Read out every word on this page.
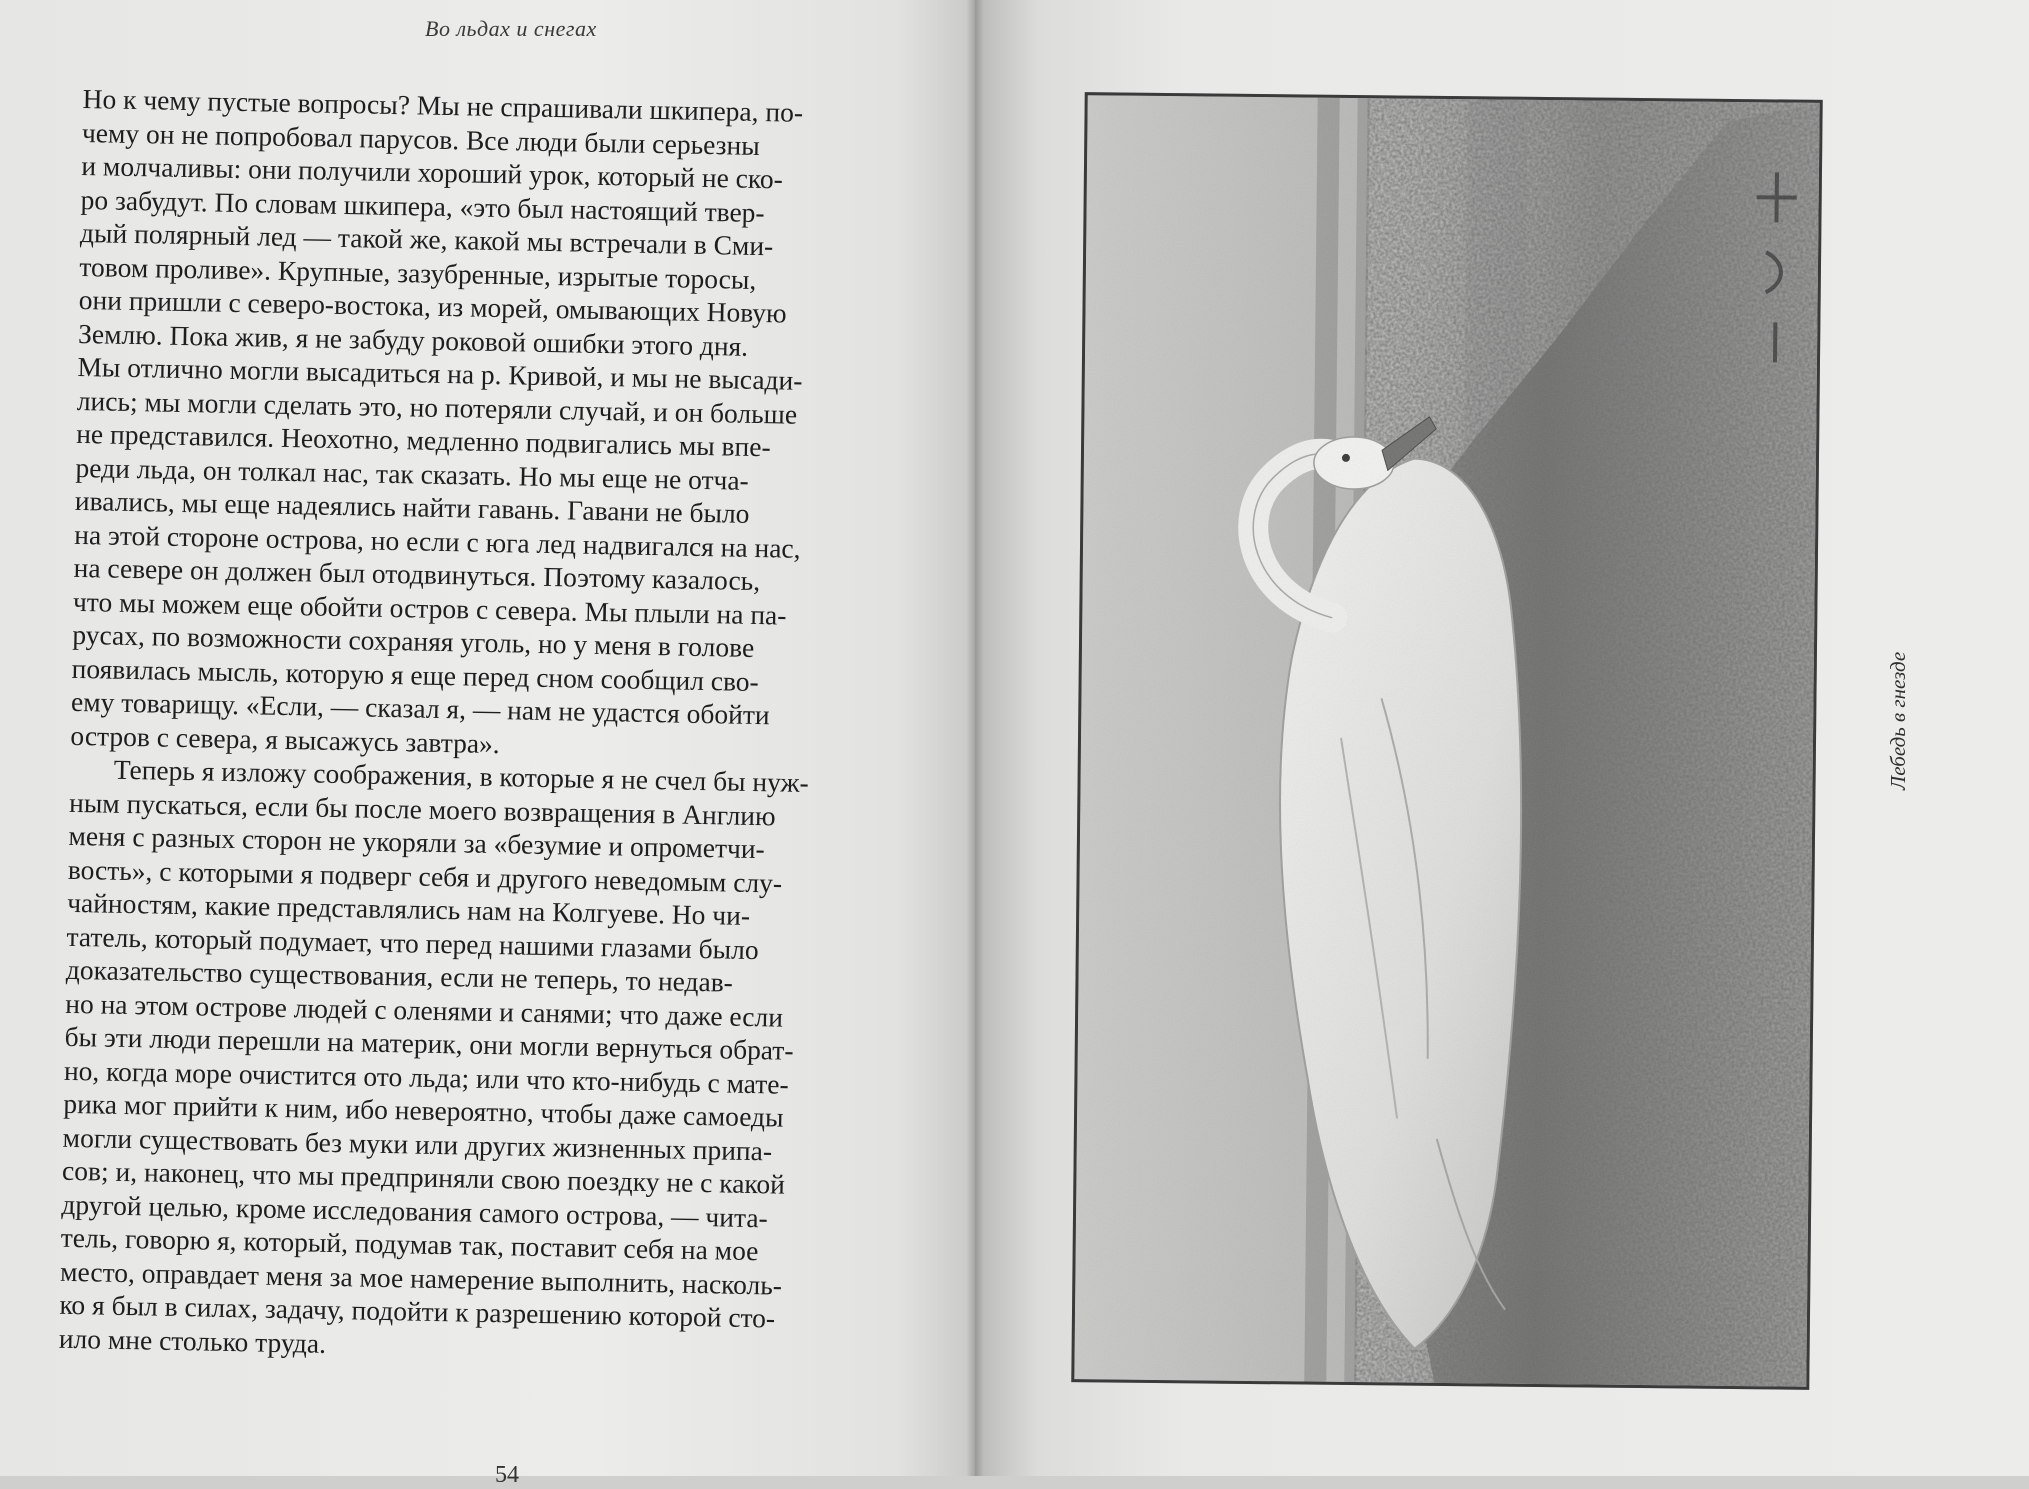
Во льдах и снегах

Но к чему пустые вопросы? Мы не спрашивали шкипера, по-
чему он не попробовал парусов. Все люди были серьезны
и молчаливы: они получили хороший урок, который не ско-
ро забудут. По словам шкипера, «это был настоящий твер-
дый полярный лед — такой же, какой мы встречали в Сми-
товом проливе». Крупные, зазубренные, изрытые торосы,
они пришли с северо-востока, из морей, омывающих Новую
Землю. Пока жив, я не забуду роковой ошибки этого дня.
Мы отлично могли высадиться на р. Кривой, и мы не высади-
лись; мы могли сделать это, но потеряли случай, и он больше
не представился. Неохотно, медленно подвигались мы впе-
реди льда, он толкал нас, так сказать. Но мы еще не отча-
ивались, мы еще надеялись найти гавань. Гавани не было
на этой стороне острова, но если с юга лед надвигался на нас,
на севере он должен был отодвинуться. Поэтому казалось,
что мы можем еще обойти остров с севера. Мы плыли на па-
русах, по возможности сохраняя уголь, но у меня в голове
появилась мысль, которую я еще перед сном сообщил сво-
ему товарищу. «Если, — сказал я, — нам не удастся обойти
остров с севера, я высажусь завтра».

Теперь я изложу соображения, в которые я не счел бы нуж-
ным пускаться, если бы после моего возвращения в Англию
меня с разных сторон не укоряли за «безумие и опрометчи-
вость», с которыми я подверг себя и другого неведомым слу-
чайностям, какие представлялись нам на Колгуеве. Но чи-
татель, который подумает, что перед нашими глазами было
доказательство существования, если не теперь, то недав-
но на этом острове людей с оленями и санями; что даже если
бы эти люди перешли на материк, они могли вернуться обрат-
но, когда море очистится ото льда; или что кто-нибудь с мате-
рика мог прийти к ним, ибо невероятно, чтобы даже самоеды
могли существовать без муки или других жизненных припа-
сов; и, наконец, что мы предприняли свою поездку не с какой
другой целью, кроме исследования самого острова, — чита-
тель, говорю я, который, подумав так, поставит себя на мое
место, оправдает меня за мое намерение выполнить, насколь-
ко я был в силах, задачу, подойти к разрешению которой сто-
ило мне столько труда.

54
Лебедь в гнезде
